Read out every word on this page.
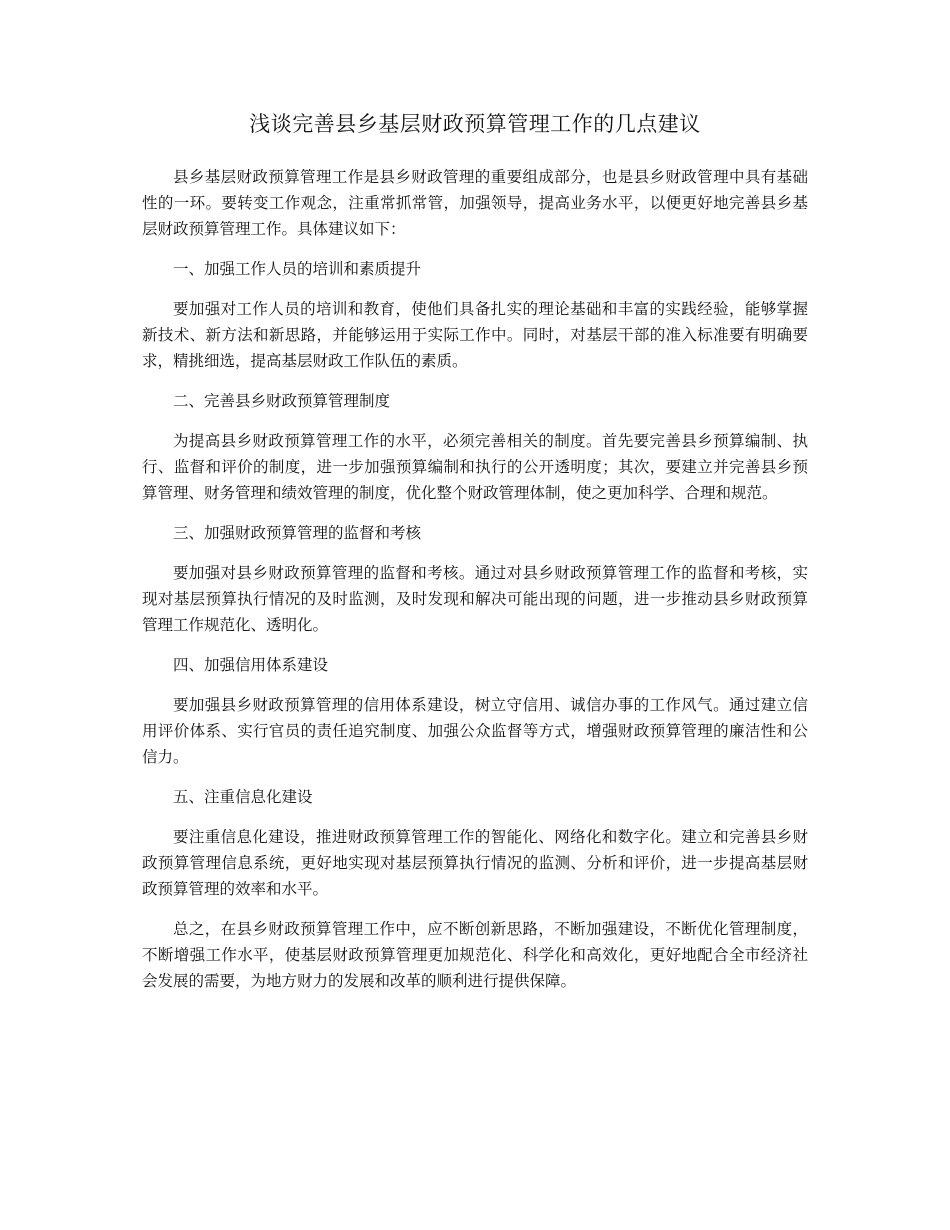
浅谈完善县乡基层财政预算管理工作的几点建议

县乡基层财政预算管理工作是县乡财政管理的重要组成部分，也是县乡财政管理中具有基础性的一环。要转变工作观念，注重常抓常管，加强领导，提高业务水平，以便更好地完善县乡基层财政预算管理工作。具体建议如下：

一、加强工作人员的培训和素质提升

要加强对工作人员的培训和教育，使他们具备扎实的理论基础和丰富的实践经验，能够掌握新技术、新方法和新思路，并能够运用于实际工作中。同时，对基层干部的准入标准要有明确要求，精挑细选，提高基层财政工作队伍的素质。

二、完善县乡财政预算管理制度

为提高县乡财政预算管理工作的水平，必须完善相关的制度。首先要完善县乡预算编制、执行、监督和评价的制度，进一步加强预算编制和执行的公开透明度；其次，要建立并完善县乡预算管理、财务管理和绩效管理的制度，优化整个财政管理体制，使之更加科学、合理和规范。

三、加强财政预算管理的监督和考核

要加强对县乡财政预算管理的监督和考核。通过对县乡财政预算管理工作的监督和考核，实现对基层预算执行情况的及时监测，及时发现和解决可能出现的问题，进一步推动县乡财政预算管理工作规范化、透明化。

四、加强信用体系建设

要加强县乡财政预算管理的信用体系建设，树立守信用、诚信办事的工作风气。通过建立信用评价体系、实行官员的责任追究制度、加强公众监督等方式，增强财政预算管理的廉洁性和公信力。

五、注重信息化建设

要注重信息化建设，推进财政预算管理工作的智能化、网络化和数字化。建立和完善县乡财政预算管理信息系统，更好地实现对基层预算执行情况的监测、分析和评价，进一步提高基层财政预算管理的效率和水平。

总之，在县乡财政预算管理工作中，应不断创新思路，不断加强建设，不断优化管理制度，不断增强工作水平，使基层财政预算管理更加规范化、科学化和高效化，更好地配合全市经济社会发展的需要，为地方财力的发展和改革的顺利进行提供保障。
